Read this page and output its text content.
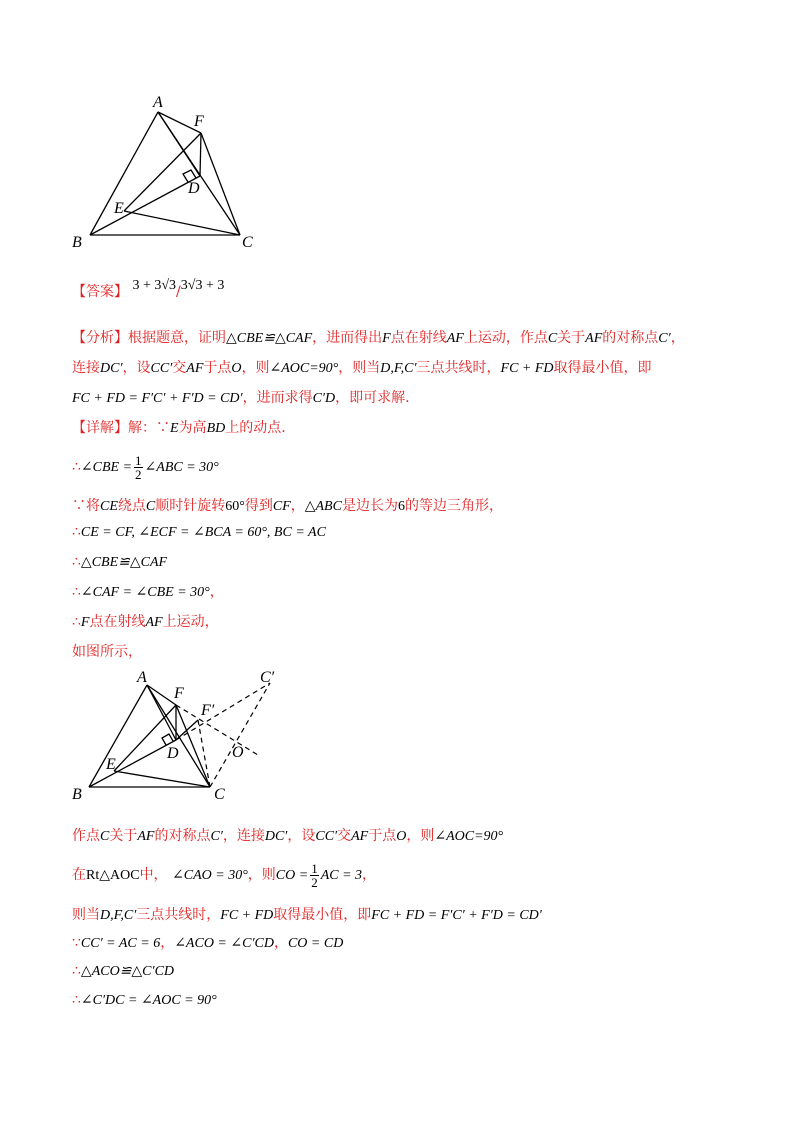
A
F
D
E
B	C
【答案】 3 + 3√3/3√3 + 3
【分析】根据题意，证明△CBE≌△CAF，进而得出F点在射线AF上运动，作点C关于AF的对称点C′，
连接DC′，设CC′交AF于点O，则∠AOC=90°，则当D,F,C′三点共线时，FC + FD取得最小值，即
FC + FD = F′C′ + F′D = CD′，进而求得C′D，即可求解.
【详解】解：∵E为高BD上的动点.
∴∠CBE = $\frac{1}{2}$ ∠ABC = 30°
∵将CE绕点C顺时针旋转60°得到CF，△ABC是边长为6的等边三角形，
∴CE = CF, ∠ECF = ∠BCA = 60°, BC = AC
∴△CBE≌△CAF
∴∠CAF = ∠CBE = 30°，
∴F点在射线AF上运动，
如图所示，
A
F
F′
C′
D	O
E
B	C
作点C关于AF的对称点C′，连接DC′，设CC′交AF于点O，则∠AOC=90°
在Rt△AOC中， ∠CAO = 30°，则CO = $\frac{1}{2}$ AC = 3，
则当D,F,C′三点共线时，FC + FD取得最小值，即FC + FD = F′C′ + F′D = CD′
∵CC′ = AC = 6，∠ACO = ∠C′CD，CO = CD
∴△ACO≌△C′CD
∴∠C′DC = ∠AOC = 90°
